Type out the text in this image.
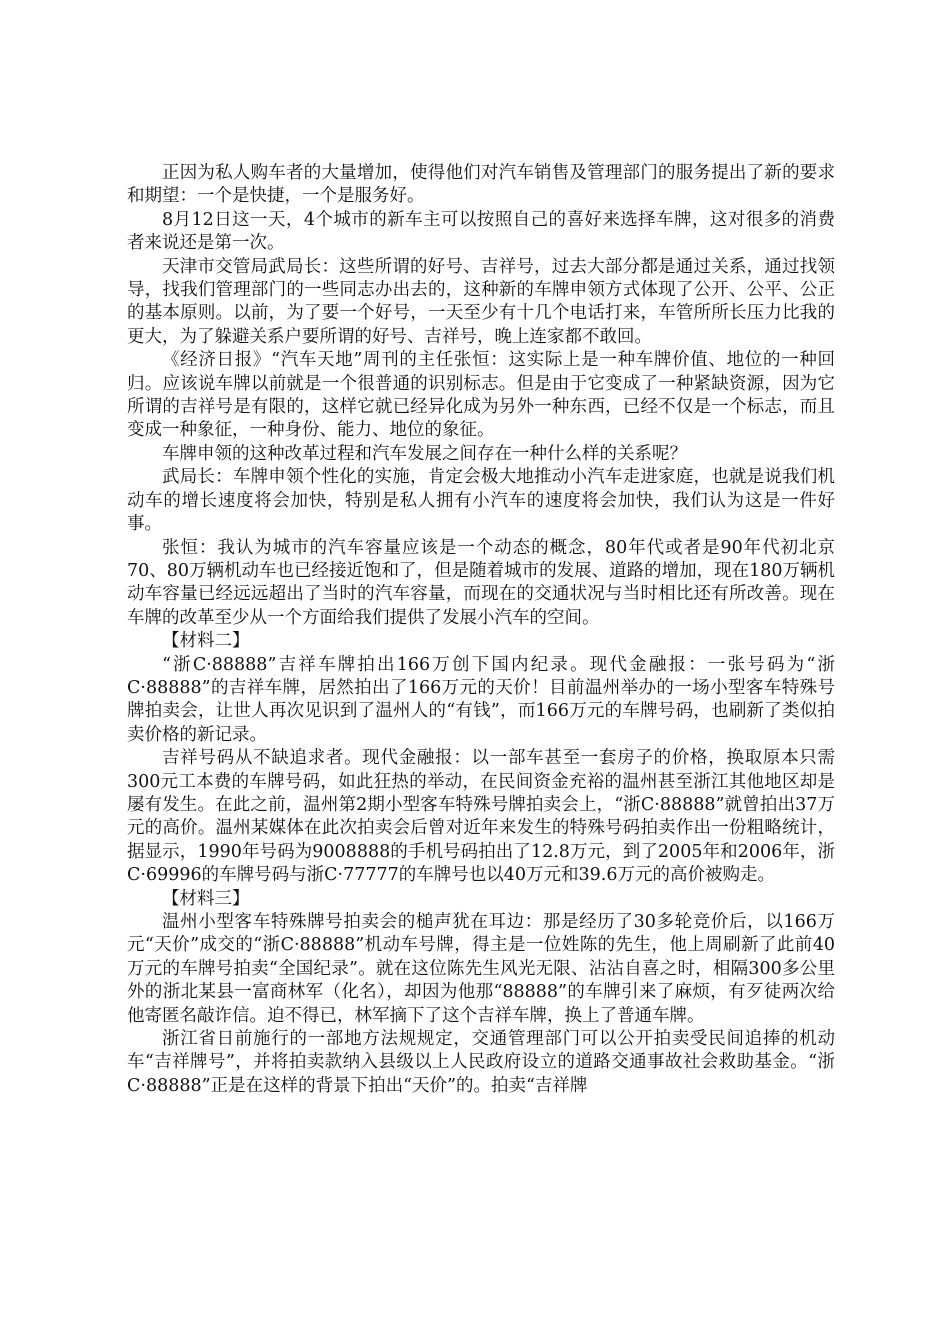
正因为私人购车者的大量增加，使得他们对汽车销售及管理部门的服务提出了新的要求和期望：一个是快捷，一个是服务好。

8月12日这一天，4个城市的新车主可以按照自己的喜好来选择车牌，这对很多的消费者来说还是第一次。

天津市交管局武局长：这些所谓的好号、吉祥号，过去大部分都是通过关系，通过找领导，找我们管理部门的一些同志办出去的，这种新的车牌申领方式体现了公开、公平、公正的基本原则。以前，为了要一个好号，一天至少有十几个电话打来，车管所所长压力比我的更大，为了躲避关系户要所谓的好号、吉祥号，晚上连家都不敢回。

《经济日报》“汽车天地”周刊的主任张恒：这实际上是一种车牌价值、地位的一种回归。应该说车牌以前就是一个很普通的识别标志。但是由于它变成了一种紧缺资源，因为它所谓的吉祥号是有限的，这样它就已经异化成为另外一种东西，已经不仅是一个标志，而且变成一种象征，一种身份、能力、地位的象征。

车牌申领的这种改革过程和汽车发展之间存在一种什么样的关系呢？

武局长：车牌申领个性化的实施，肯定会极大地推动小汽车走进家庭，也就是说我们机动车的增长速度将会加快，特别是私人拥有小汽车的速度将会加快，我们认为这是一件好事。

张恒：我认为城市的汽车容量应该是一个动态的概念，80年代或者是90年代初北京70、80万辆机动车也已经接近饱和了，但是随着城市的发展、道路的增加，现在180万辆机动车容量已经远远超出了当时的汽车容量，而现在的交通状况与当时相比还有所改善。现在车牌的改革至少从一个方面给我们提供了发展小汽车的空间。

【材料二】

“浙C·88888”吉祥车牌拍出166万创下国内纪录。现代金融报：一张号码为“浙C·88888”的吉祥车牌，居然拍出了166万元的天价！目前温州举办的一场小型客车特殊号牌拍卖会，让世人再次见识到了温州人的“有钱”，而166万元的车牌号码，也刷新了类似拍卖价格的新记录。

吉祥号码从不缺追求者。现代金融报：以一部车甚至一套房子的价格，换取原本只需300元工本费的车牌号码，如此狂热的举动，在民间资金充裕的温州甚至浙江其他地区却是屡有发生。在此之前，温州第2期小型客车特殊号牌拍卖会上，“浙C·88888”就曾拍出37万元的高价。温州某媒体在此次拍卖会后曾对近年来发生的特殊号码拍卖作出一份粗略统计，据显示，1990年号码为9008888的手机号码拍出了12.8万元，到了2005年和2006年，浙C·69996的车牌号码与浙C·77777的车牌号也以40万元和39.6万元的高价被购走。

【材料三】

温州小型客车特殊牌号拍卖会的槌声犹在耳边：那是经历了30多轮竞价后，以166万元“天价”成交的“浙C·88888”机动车号牌，得主是一位姓陈的先生，他上周刷新了此前40万元的车牌号拍卖“全国纪录”。就在这位陈先生风光无限、沾沾自喜之时，相隔300多公里外的浙北某县一富商林军（化名），却因为他那“88888”的车牌引来了麻烦，有歹徒两次给他寄匿名敲诈信。迫不得已，林军摘下了这个吉祥车牌，换上了普通车牌。

浙江省日前施行的一部地方法规规定，交通管理部门可以公开拍卖受民间追捧的机动车“吉祥牌号”，并将拍卖款纳入县级以上人民政府设立的道路交通事故社会救助基金。“浙C·88888”正是在这样的背景下拍出“天价”的。拍卖“吉祥牌
